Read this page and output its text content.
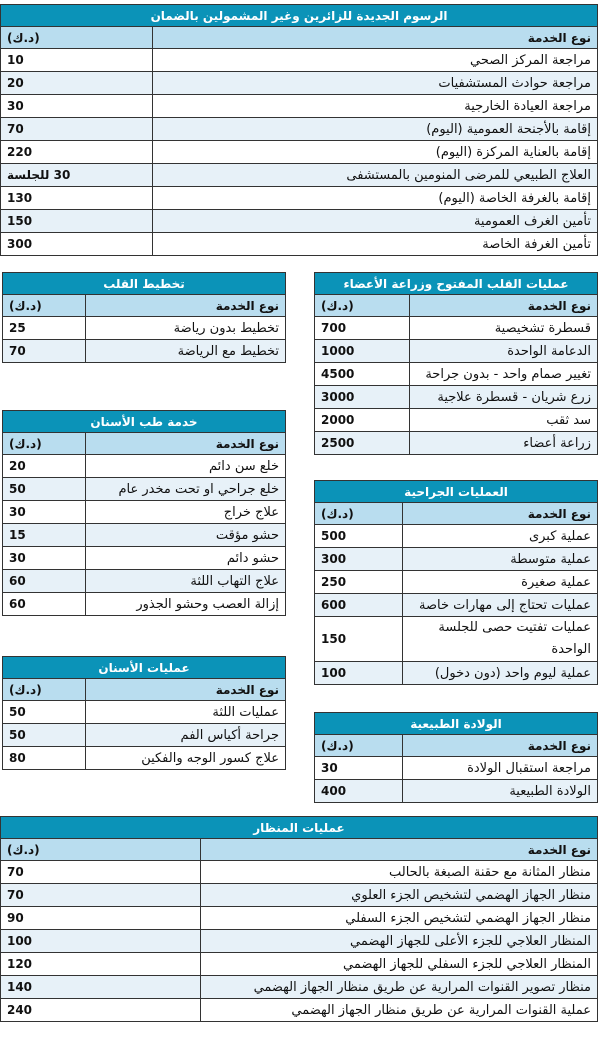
الرسوم الجديدة للزائرين وغير المشمولين بالضمان	
نوع الخدمة	(د.ك)
مراجعة المركز الصحي	10
مراجعة حوادث المستشفيات	20
مراجعة العيادة الخارجية	30
إقامة بالأجنحة العمومية (اليوم)	70
إقامة بالعناية المركزة (اليوم)	220
العلاج الطبيعي للمرضى المنومين بالمستشفى	30 للجلسة
إقامة بالغرفة الخاصة (اليوم)	130
تأمين الغرف العمومية	150
تأمين الغرفة الخاصة	300
عمليات القلب المفتوح وزراعة الأعضاء	
نوع الخدمة	(د.ك)
قسطرة تشخيصية	700
الدعامة الواحدة	1000
تغيير صمام واحد - بدون جراحة	4500
زرع شريان - قسطرة علاجية	3000
سد ثقب	2000
زراعة أعضاء	2500
تخطيط القلب	
نوع الخدمة	(د.ك)
تخطيط بدون رياضة	25
تخطيط مع الرياضة	70
خدمة طب الأسنان	
نوع الخدمة	(د.ك)
خلع سن دائم	20
خلع جراحي او تحت مخدر عام	50
علاج خراج	30
حشو مؤقت	15
حشو دائم	30
علاج التهاب اللثة	60
إزالة العصب وحشو الجذور	60
العمليات الجراحية	
نوع الخدمة	(د.ك)
عملية كبرى	500
عملية متوسطة	300
عملية صغيرة	250
عمليات تحتاج إلى مهارات خاصة	600
عمليات تفتيت حصى للجلسة الواحدة	150
عملية ليوم واحد (دون دخول)	100
عمليات الأسنان	
نوع الخدمة	(د.ك)
عمليات اللثة	50
جراحة أكياس الفم	50
علاج كسور الوجه والفكين	80
الولادة الطبيعية	
نوع الخدمة	(د.ك)
مراجعة استقبال الولادة	30
الولادة الطبيعية	400
عمليات المنظار	
نوع الخدمة	(د.ك)
منظار المثانة مع حقنة الصبغة بالحالب	70
منظار الجهاز الهضمي لتشخيص الجزء العلوي	70
منظار الجهاز الهضمي لتشخيص الجزء السفلي	90
المنظار العلاجي للجزء الأعلى للجهاز الهضمي	100
المنظار العلاجي للجزء السفلي للجهاز الهضمي	120
منظار تصوير القنوات المرارية عن طريق منظار الجهاز الهضمي	140
عملية القنوات المرارية عن طريق منظار الجهاز الهضمي	240
